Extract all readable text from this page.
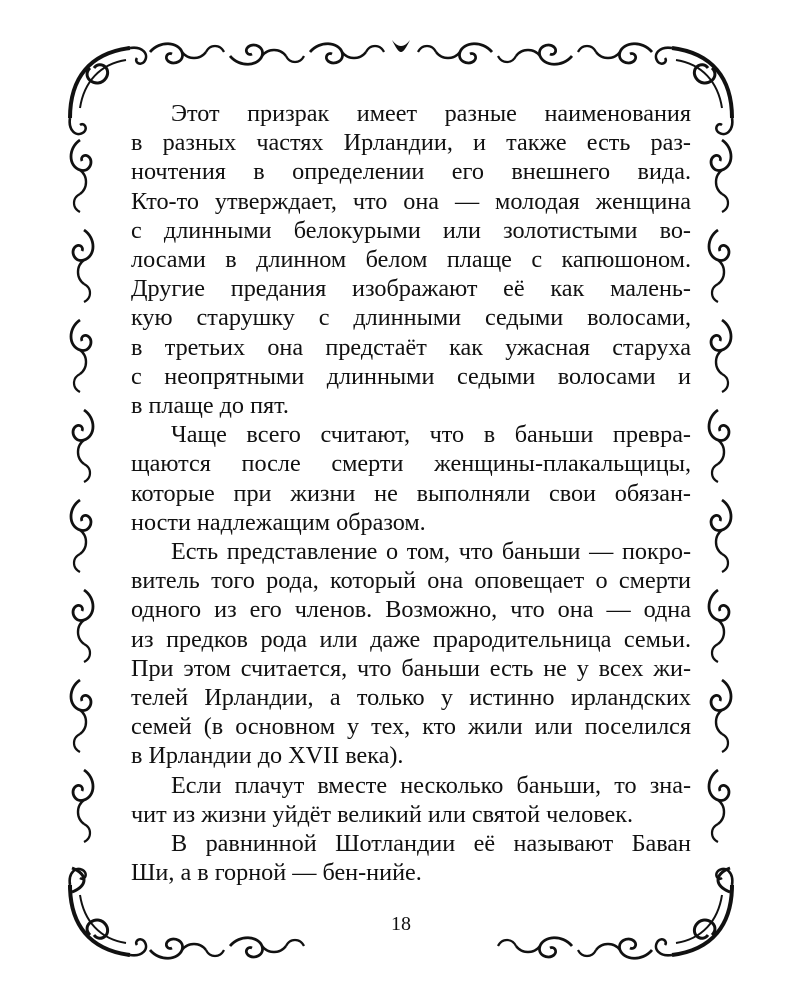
Этот призрак имеет разные наименования
в разных частях Ирландии, и также есть раз-
ночтения в определении его внешнего вида.
Кто-то утверждает, что она — молодая женщина
с длинными белокурыми или золотистыми во-
лосами в длинном белом плаще с капюшоном.
Другие предания изображают её как малень-
кую старушку с длинными седыми волосами,
в третьих она предстаёт как ужасная старуха
с неопрятными длинными седыми волосами и
в плаще до пят.

Чаще всего считают, что в баньши превра-
щаются после смерти женщины-плакальщицы,
которые при жизни не выполняли свои обязан-
ности надлежащим образом.

Есть представление о том, что баньши — покро-
витель того рода, который она оповещает о смерти
одного из его членов. Возможно, что она — одна
из предков рода или даже прародительница семьи.
При этом считается, что баньши есть не у всех жи-
телей Ирландии, а только у истинно ирландских
семей (в основном у тех, кто жили или поселился
в Ирландии до XVII века).

Если плачут вместе несколько баньши, то зна-
чит из жизни уйдёт великий или святой человек.

В равнинной Шотландии её называют Баван
Ши, а в горной — бен-нийе.

18
